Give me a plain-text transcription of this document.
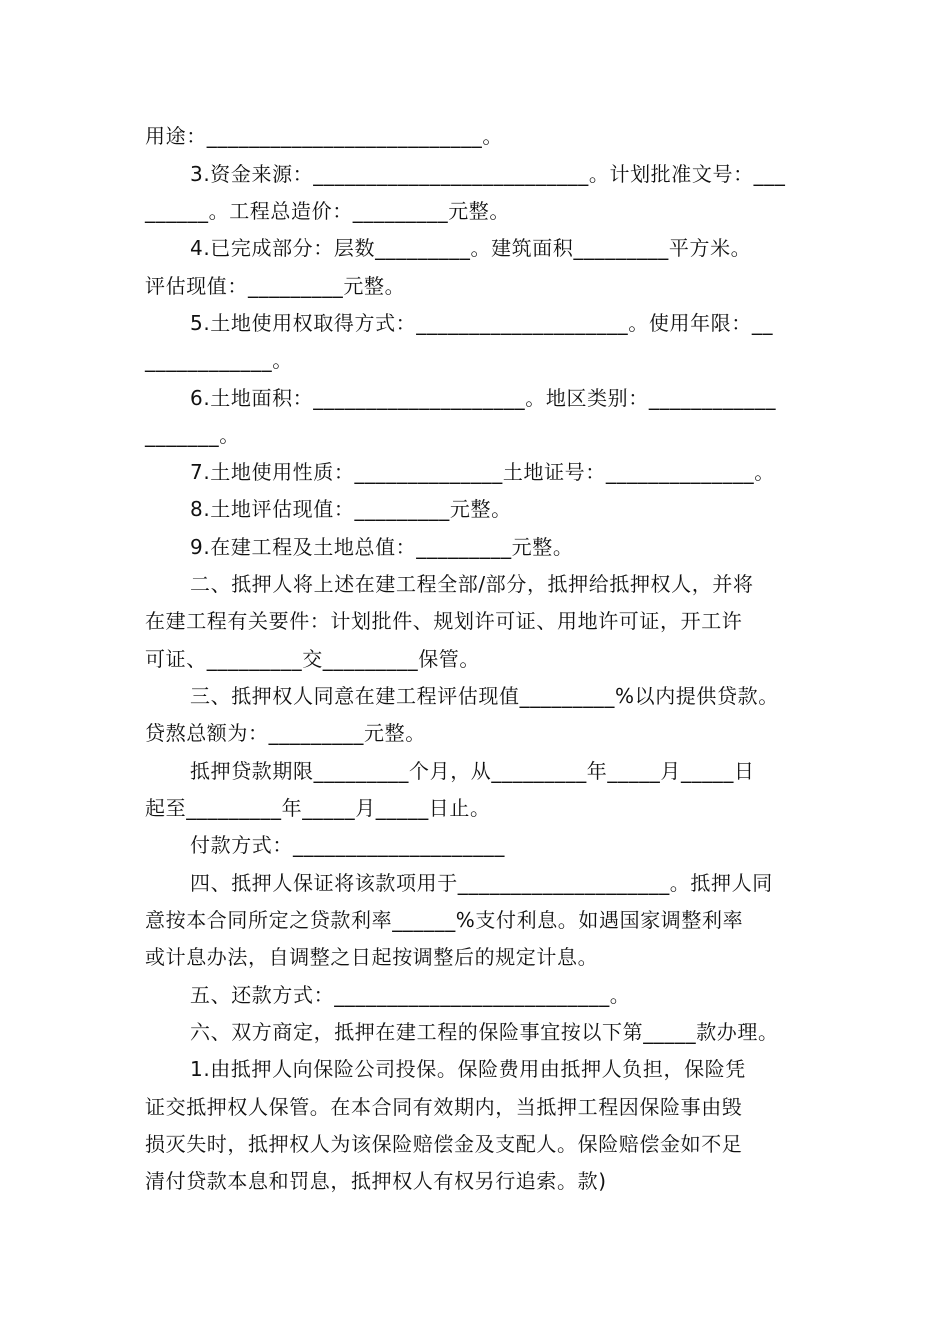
用途：__________________________。
3.资金来源：__________________________。计划批准文号：___
______。工程总造价：_________元整。
4.已完成部分：层数_________。建筑面积_________平方米。
评估现值：_________元整。
5.土地使用权取得方式：____________________。使用年限：__
____________。
6.土地面积：____________________。地区类别：____________
_______。
7.土地使用性质：______________土地证号：______________。
8.土地评估现值：_________元整。
9.在建工程及土地总值：_________元整。
二、抵押人将上述在建工程全部/部分，抵押给抵押权人，并将
在建工程有关要件：计划批件、规划许可证、用地许可证，开工许
可证、_________交_________保管。
三、抵押权人同意在建工程评估现值_________%以内提供贷款。
贷熬总额为：_________元整。
抵押贷款期限_________个月，从_________年_____月_____日
起至_________年_____月_____日止。
付款方式：____________________
四、抵押人保证将该款项用于____________________。抵押人同
意按本合同所定之贷款利率______%支付利息。如遇国家调整利率
或计息办法，自调整之日起按调整后的规定计息。
五、还款方式：__________________________。
六、双方商定，抵押在建工程的保险事宜按以下第_____款办理。
1.由抵押人向保险公司投保。保险费用由抵押人负担，保险凭
证交抵押权人保管。在本合同有效期内，当抵押工程因保险事由毁
损灭失时，抵押权人为该保险赔偿金及支配人。保险赔偿金如不足
清付贷款本息和罚息，抵押权人有权另行追索。款)
